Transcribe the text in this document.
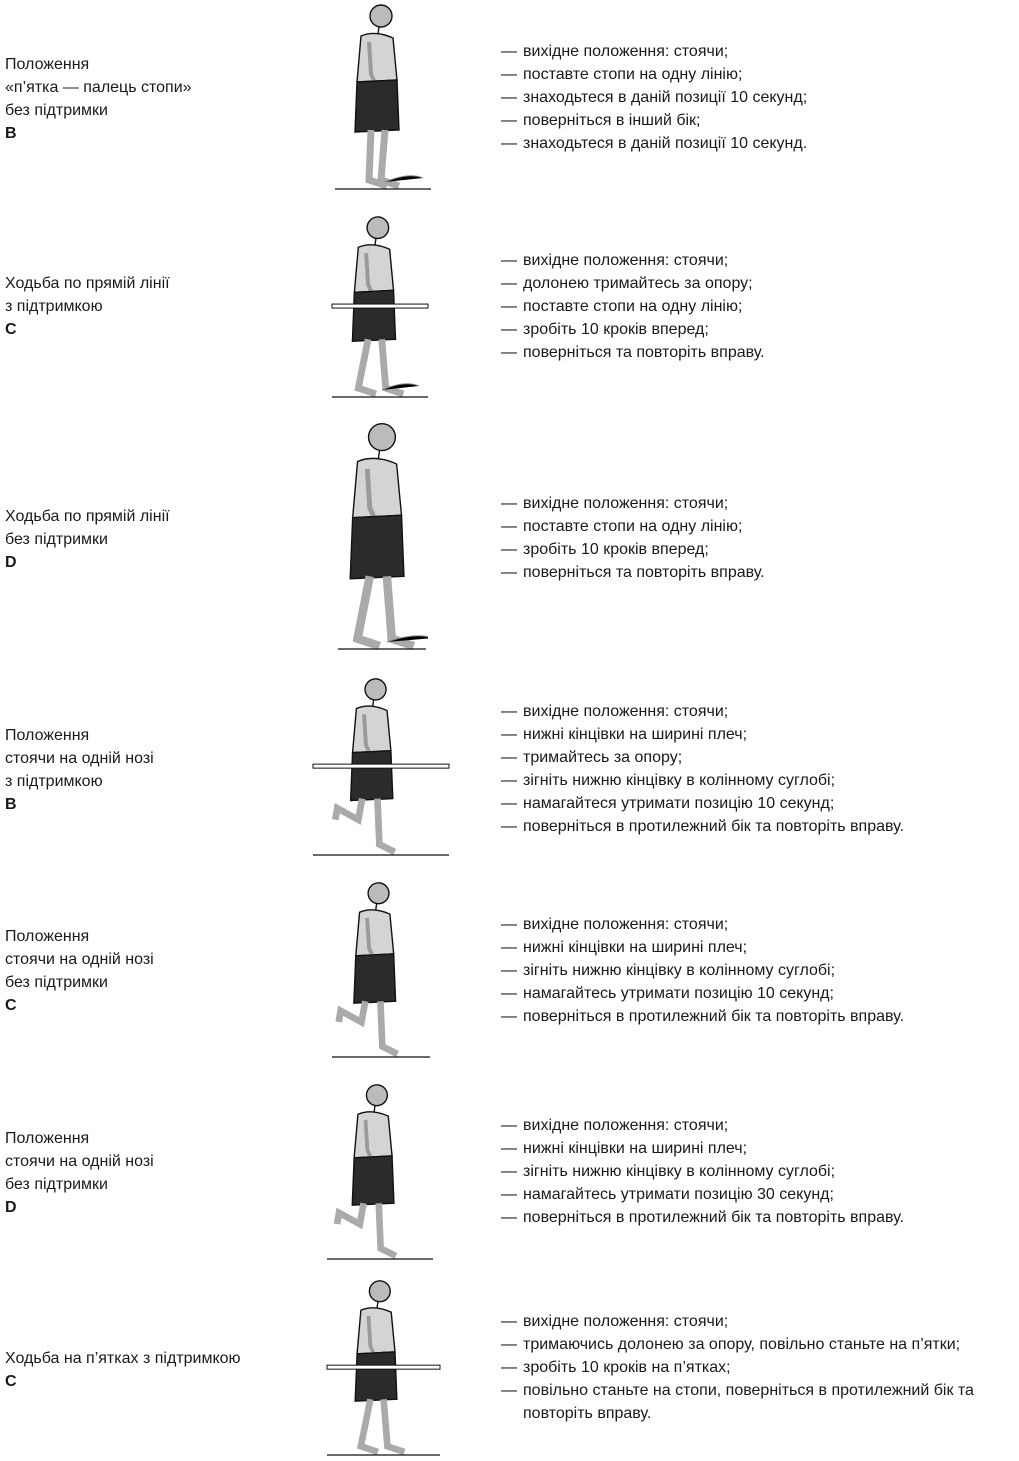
Положення
«п’ятка — палець стопи»
без підтримки
B
— вихідне положення: стоячи;
— поставте стопи на одну лінію;
— знаходьтеся в даній позиції 10 секунд;
— поверніться в інший бік;
— знаходьтеся в даній позиції 10 секунд.
Ходьба по прямій лінії
з підтримкою
C
— вихідне положення: стоячи;
— долонею тримайтесь за опору;
— поставте стопи на одну лінію;
— зробіть 10 кроків вперед;
— поверніться та повторіть вправу.
Ходьба по прямій лінії
без підтримки
D
— вихідне положення: стоячи;
— поставте стопи на одну лінію;
— зробіть 10 кроків вперед;
— поверніться та повторіть вправу.
Положення
стоячи на одній нозі
з підтримкою
B
— вихідне положення: стоячи;
— нижні кінцівки на ширині плеч;
— тримайтесь за опору;
— зігніть нижню кінцівку в колінному суглобі;
— намагайтеся утримати позицію 10 секунд;
— поверніться в протилежний бік та повторіть вправу.
Положення
стоячи на одній нозі
без підтримки
C
— вихідне положення: стоячи;
— нижні кінцівки на ширині плеч;
— зігніть нижню кінцівку в колінному суглобі;
— намагайтесь утримати позицію 10 секунд;
— поверніться в протилежний бік та повторіть вправу.
Положення
стоячи на одній нозі
без підтримки
D
— вихідне положення: стоячи;
— нижні кінцівки на ширині плеч;
— зігніть нижню кінцівку в колінному суглобі;
— намагайтесь утримати позицію 30 секунд;
— поверніться в протилежний бік та повторіть вправу.
Ходьба на п’ятках з підтримкою
C
— вихідне положення: стоячи;
— тримаючись долонею за опору, повільно станьте на п’ятки;
— зробіть 10 кроків на п’ятках;
— повільно станьте на стопи, поверніться в протилежний бік та повторіть вправу.
